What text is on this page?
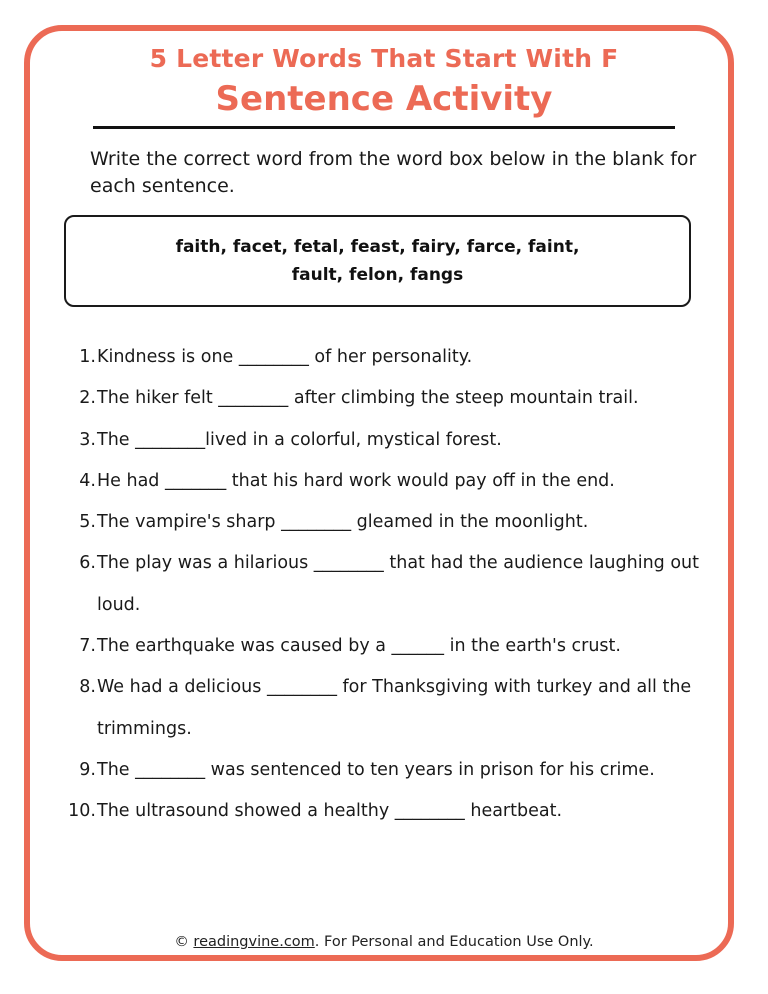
5 Letter Words That Start With F
Sentence Activity
Write the correct word from the word box below in the blank for each sentence.
faith, facet, fetal, feast, fairy, farce, faint,
fault, felon, fangs
1. Kindness is one ________ of her personality.
2. The hiker felt ________ after climbing the steep mountain trail.
3. The ________lived in a colorful, mystical forest.
4. He had _______ that his hard work would pay off in the end.
5. The vampire's sharp ________ gleamed in the moonlight.
6. The play was a hilarious ________ that had the audience laughing out loud.
7. The earthquake was caused by a ______ in the earth's crust.
8. We had a delicious ________ for Thanksgiving with turkey and all the trimmings.
9. The ________ was sentenced to ten years in prison for his crime.
10. The ultrasound showed a healthy ________ heartbeat.
© readingvine.com. For Personal and Education Use Only.
